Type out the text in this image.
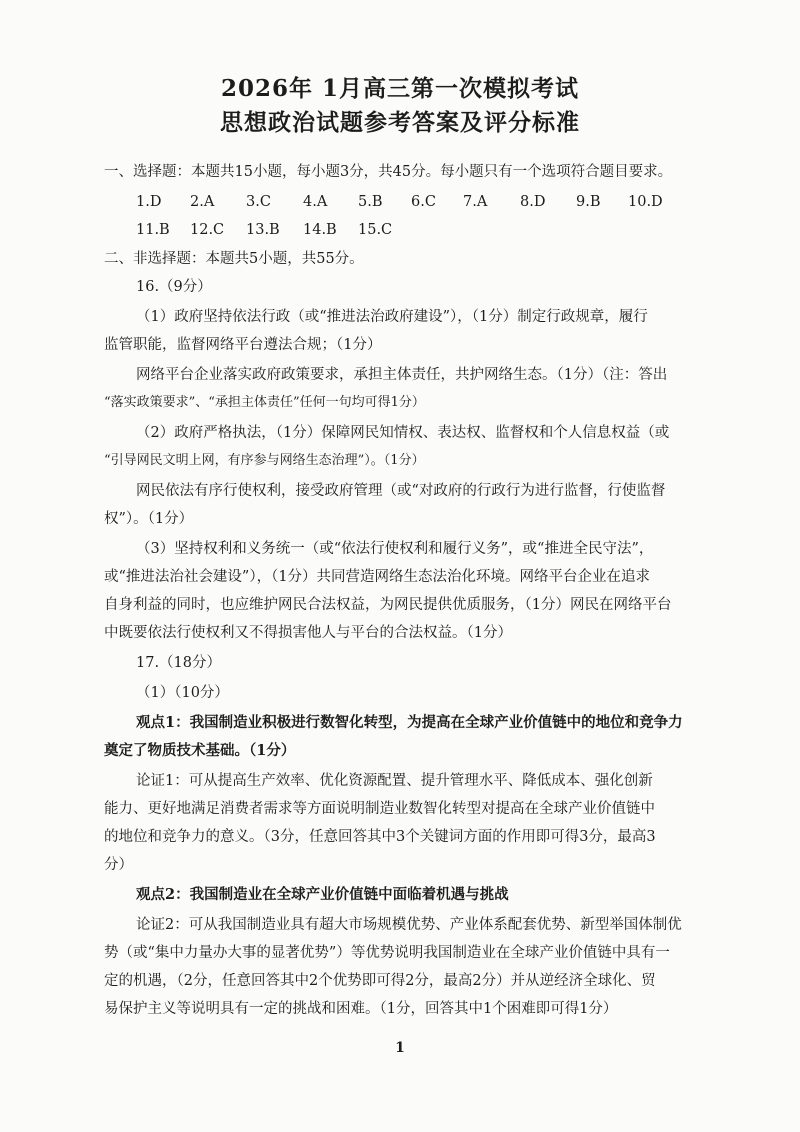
2026年 1月高三第一次模拟考试
思想政治试题参考答案及评分标准
一、选择题：本题共15小题，每小题3分，共45分。每小题只有一个选项符合题目要求。
1.D 2.A 3.C 4.A 5.B 6.C 7.A 8.D 9.B 10.D
11.B 12.C 13.B 14.B 15.C
二、非选择题：本题共5小题，共55分。
16.（9分）
（1）政府坚持依法行政（或“推进法治政府建设”），（1分）制定行政规章，履行
监管职能，监督网络平台遵法合规；（1分）
网络平台企业落实政府政策要求，承担主体责任，共护网络生态。（1分）（注：答出
“落实政策要求”、“承担主体责任”任何一句均可得1分）
（2）政府严格执法，（1分）保障网民知情权、表达权、监督权和个人信息权益（或
“引导网民文明上网，有序参与网络生态治理”）。（1分）
网民依法有序行使权利，接受政府管理（或“对政府的行政行为进行监督，行使监督
权”）。（1分）
（3）坚持权利和义务统一（或“依法行使权利和履行义务”，或“推进全民守法”，
或“推进法治社会建设”），（1分）共同营造网络生态法治化环境。网络平台企业在追求
自身利益的同时，也应维护网民合法权益，为网民提供优质服务，（1分）网民在网络平台
中既要依法行使权利又不得损害他人与平台的合法权益。（1分）
17.（18分）
（1）（10分）
观点1：我国制造业积极进行数智化转型，为提高在全球产业价值链中的地位和竞争力
奠定了物质技术基础。（1分）
论证1：可从提高生产效率、优化资源配置、提升管理水平、降低成本、强化创新
能力、更好地满足消费者需求等方面说明制造业数智化转型对提高在全球产业价值链中
的地位和竞争力的意义。（3分，任意回答其中3个关键词方面的作用即可得3分，最高3
分）
观点2：我国制造业在全球产业价值链中面临着机遇与挑战
论证2：可从我国制造业具有超大市场规模优势、产业体系配套优势、新型举国体制优
势（或“集中力量办大事的显著优势”）等优势说明我国制造业在全球产业价值链中具有一
定的机遇，（2分，任意回答其中2个优势即可得2分，最高2分）并从逆经济全球化、贸
易保护主义等说明具有一定的挑战和困难。（1分，回答其中1个困难即可得1分）
1
